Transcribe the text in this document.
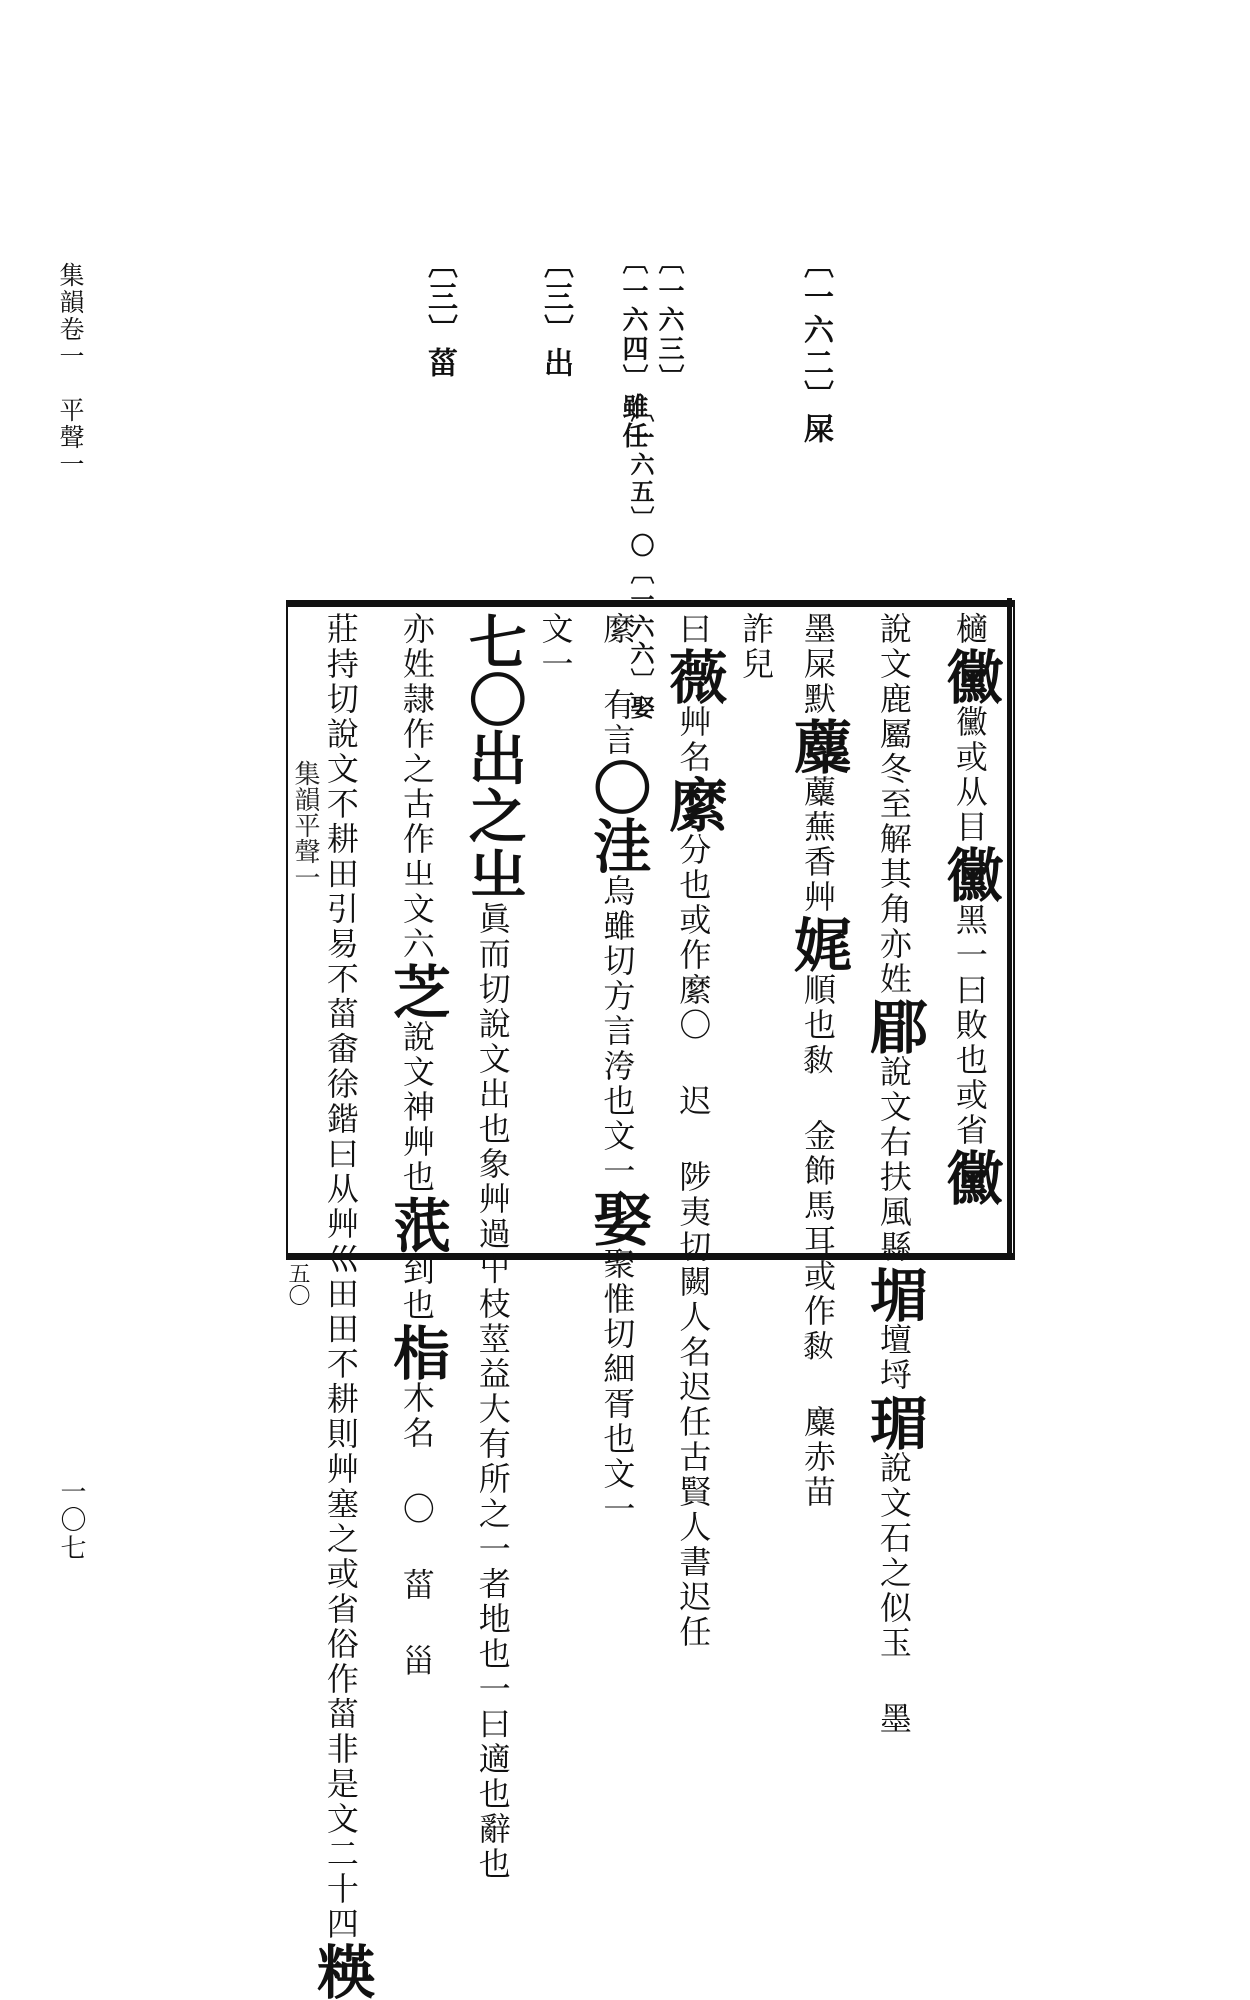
集韻卷一　平聲一
一〇七
〔一六二〕屎
〔一六三〕
〔一六四〕雖任
〔一六五〕〇〔一六六〕娶
〔三〕出
〔三〕菑
集韻平聲一
五〇
㰅黴黴或从目黴黑一曰敗也或省黴
說文鹿屬冬至解其角亦姓郿說文右扶風縣堳壇埒瑂說文石之似玉 墨
墨屎默蘪蘪蕪香艸娓順也𪏮 金飾馬耳或作𪏮 麋赤苗
詐兒
曰薇艸名縻分也或作縻〇 迟 陟夷切闕人名迟任古賢人書迟任
縻 有言〇洼烏雖切方言洿也文一娶聚惟切細胥也文一
文一
七〇出之㞢眞而切說文出也象艸過屮枝莖益大有所之一者地也一曰適也辭也
亦姓隷作之古作㞢文六芝說文神艸也䓋到也栺木名 〇 菑 甾
莊持切說文不耕田引易不菑畬徐鍇曰从艸巛田田不耕則艸塞之或省俗作菑非是文二十四䊔
